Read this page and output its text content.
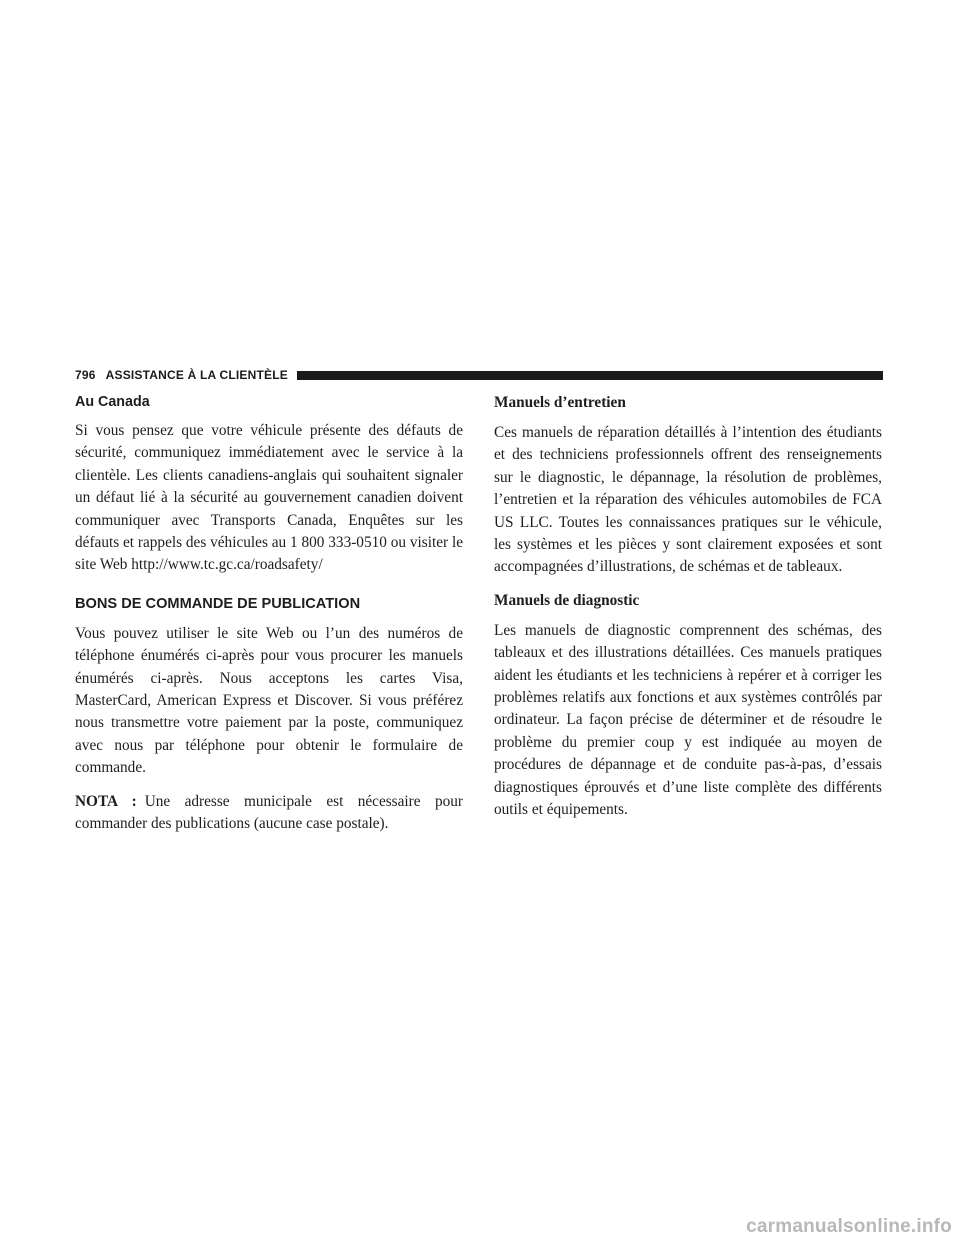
796 ASSISTANCE À LA CLIENTÈLE
Au Canada

Si vous pensez que votre véhicule présente des défauts de sécurité, communiquez immédiatement avec le service à la clientèle. Les clients canadiens-anglais qui souhaitent signaler un défaut lié à la sécurité au gouvernement canadien doivent communiquer avec Transports Canada, Enquêtes sur les défauts et rappels des véhicules au 1 800 333-0510 ou visiter le site Web http://www.tc.gc.ca/roadsafety/

BONS DE COMMANDE DE PUBLICATION

Vous pouvez utiliser le site Web ou l’un des numéros de téléphone énumérés ci-après pour vous procurer les manuels énumérés ci-après. Nous acceptons les cartes Visa, MasterCard, American Express et Discover. Si vous préférez nous transmettre votre paiement par la poste, communiquez avec nous par téléphone pour obtenir le formulaire de commande.

NOTA : Une adresse municipale est nécessaire pour commander des publications (aucune case postale).

Manuels d’entretien

Ces manuels de réparation détaillés à l’intention des étudiants et des techniciens professionnels offrent des renseignements sur le diagnostic, le dépannage, la résolution de problèmes, l’entretien et la réparation des véhicules automobiles de FCA US LLC. Toutes les connaissances pratiques sur le véhicule, les systèmes et les pièces y sont clairement exposées et sont accompagnées d’illustrations, de schémas et de tableaux.

Manuels de diagnostic

Les manuels de diagnostic comprennent des schémas, des tableaux et des illustrations détaillées. Ces manuels pratiques aident les étudiants et les techniciens à repérer et à corriger les problèmes relatifs aux fonctions et aux systèmes contrôlés par ordinateur. La façon précise de déterminer et de résoudre le problème du premier coup y est indiquée au moyen de procédures de dépannage et de conduite pas-à-pas, d’essais diagnostiques éprouvés et d’une liste complète des différents outils et équipements.

carmanualsonline.info
